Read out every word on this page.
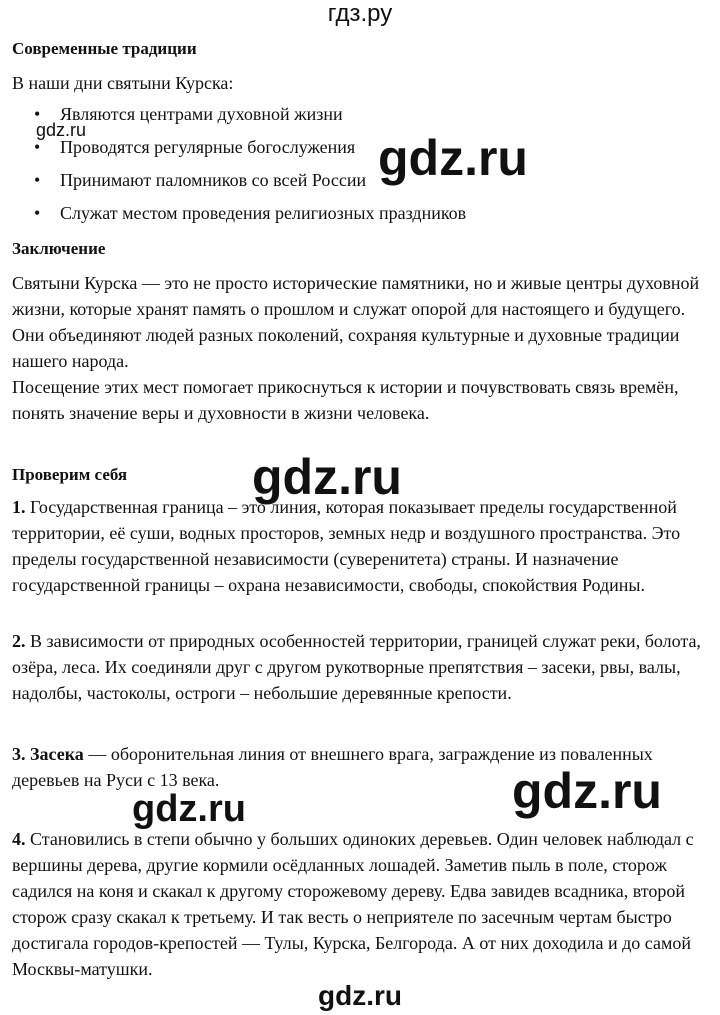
Современные традиции

В наши дни святыни Курска:

• Являются центрами духовной жизни
• Проводятся регулярные богослужения
• Принимают паломников со всей России
• Служат местом проведения религиозных праздников

Заключение

Святыни Курска — это не просто исторические памятники, но и живые центры духовной жизни, которые хранят память о прошлом и служат опорой для настоящего и будущего. Они объединяют людей разных поколений, сохраняя культурные и духовные традиции нашего народа.

Посещение этих мест помогает прикоснуться к истории и почувствовать связь времён, понять значение веры и духовности в жизни человека.

Проверим себя

1. Государственная граница – это линия, которая показывает пределы государственной территории, её суши, водных просторов, земных недр и воздушного пространства. Это пределы государственной независимости (суверенитета) страны. И назначение государственной границы – охрана независимости, свободы, спокойствия Родины.

2. В зависимости от природных особенностей территории, границей служат реки, болота, озёра, леса. Их соединяли друг с другом рукотворные препятствия – засеки, рвы, валы, надолбы, частоколы, остроги – небольшие деревянные крепости.

3. Засека — оборонительная линия от внешнего врага, заграждение из поваленных деревьев на Руси с 13 века.

4. Становились в степи обычно у больших одиноких деревьев. Один человек наблюдал с вершины дерева, другие кормили осёдланных лошадей. Заметив пыль в поле, сторож садился на коня и скакал к другому сторожевому дереву. Едва завидев всадника, второй сторож сразу скакал к третьему. И так весть о неприятеле по засечным чертам быстро достигала городов-крепостей — Тулы, Курска, Белгорода. А от них доходила и до самой Москвы-матушки.

гдз.ру
gdz.ru	gdz.ru
gdz.ru
gdz.ru	gdz.ru
gdz.ru
